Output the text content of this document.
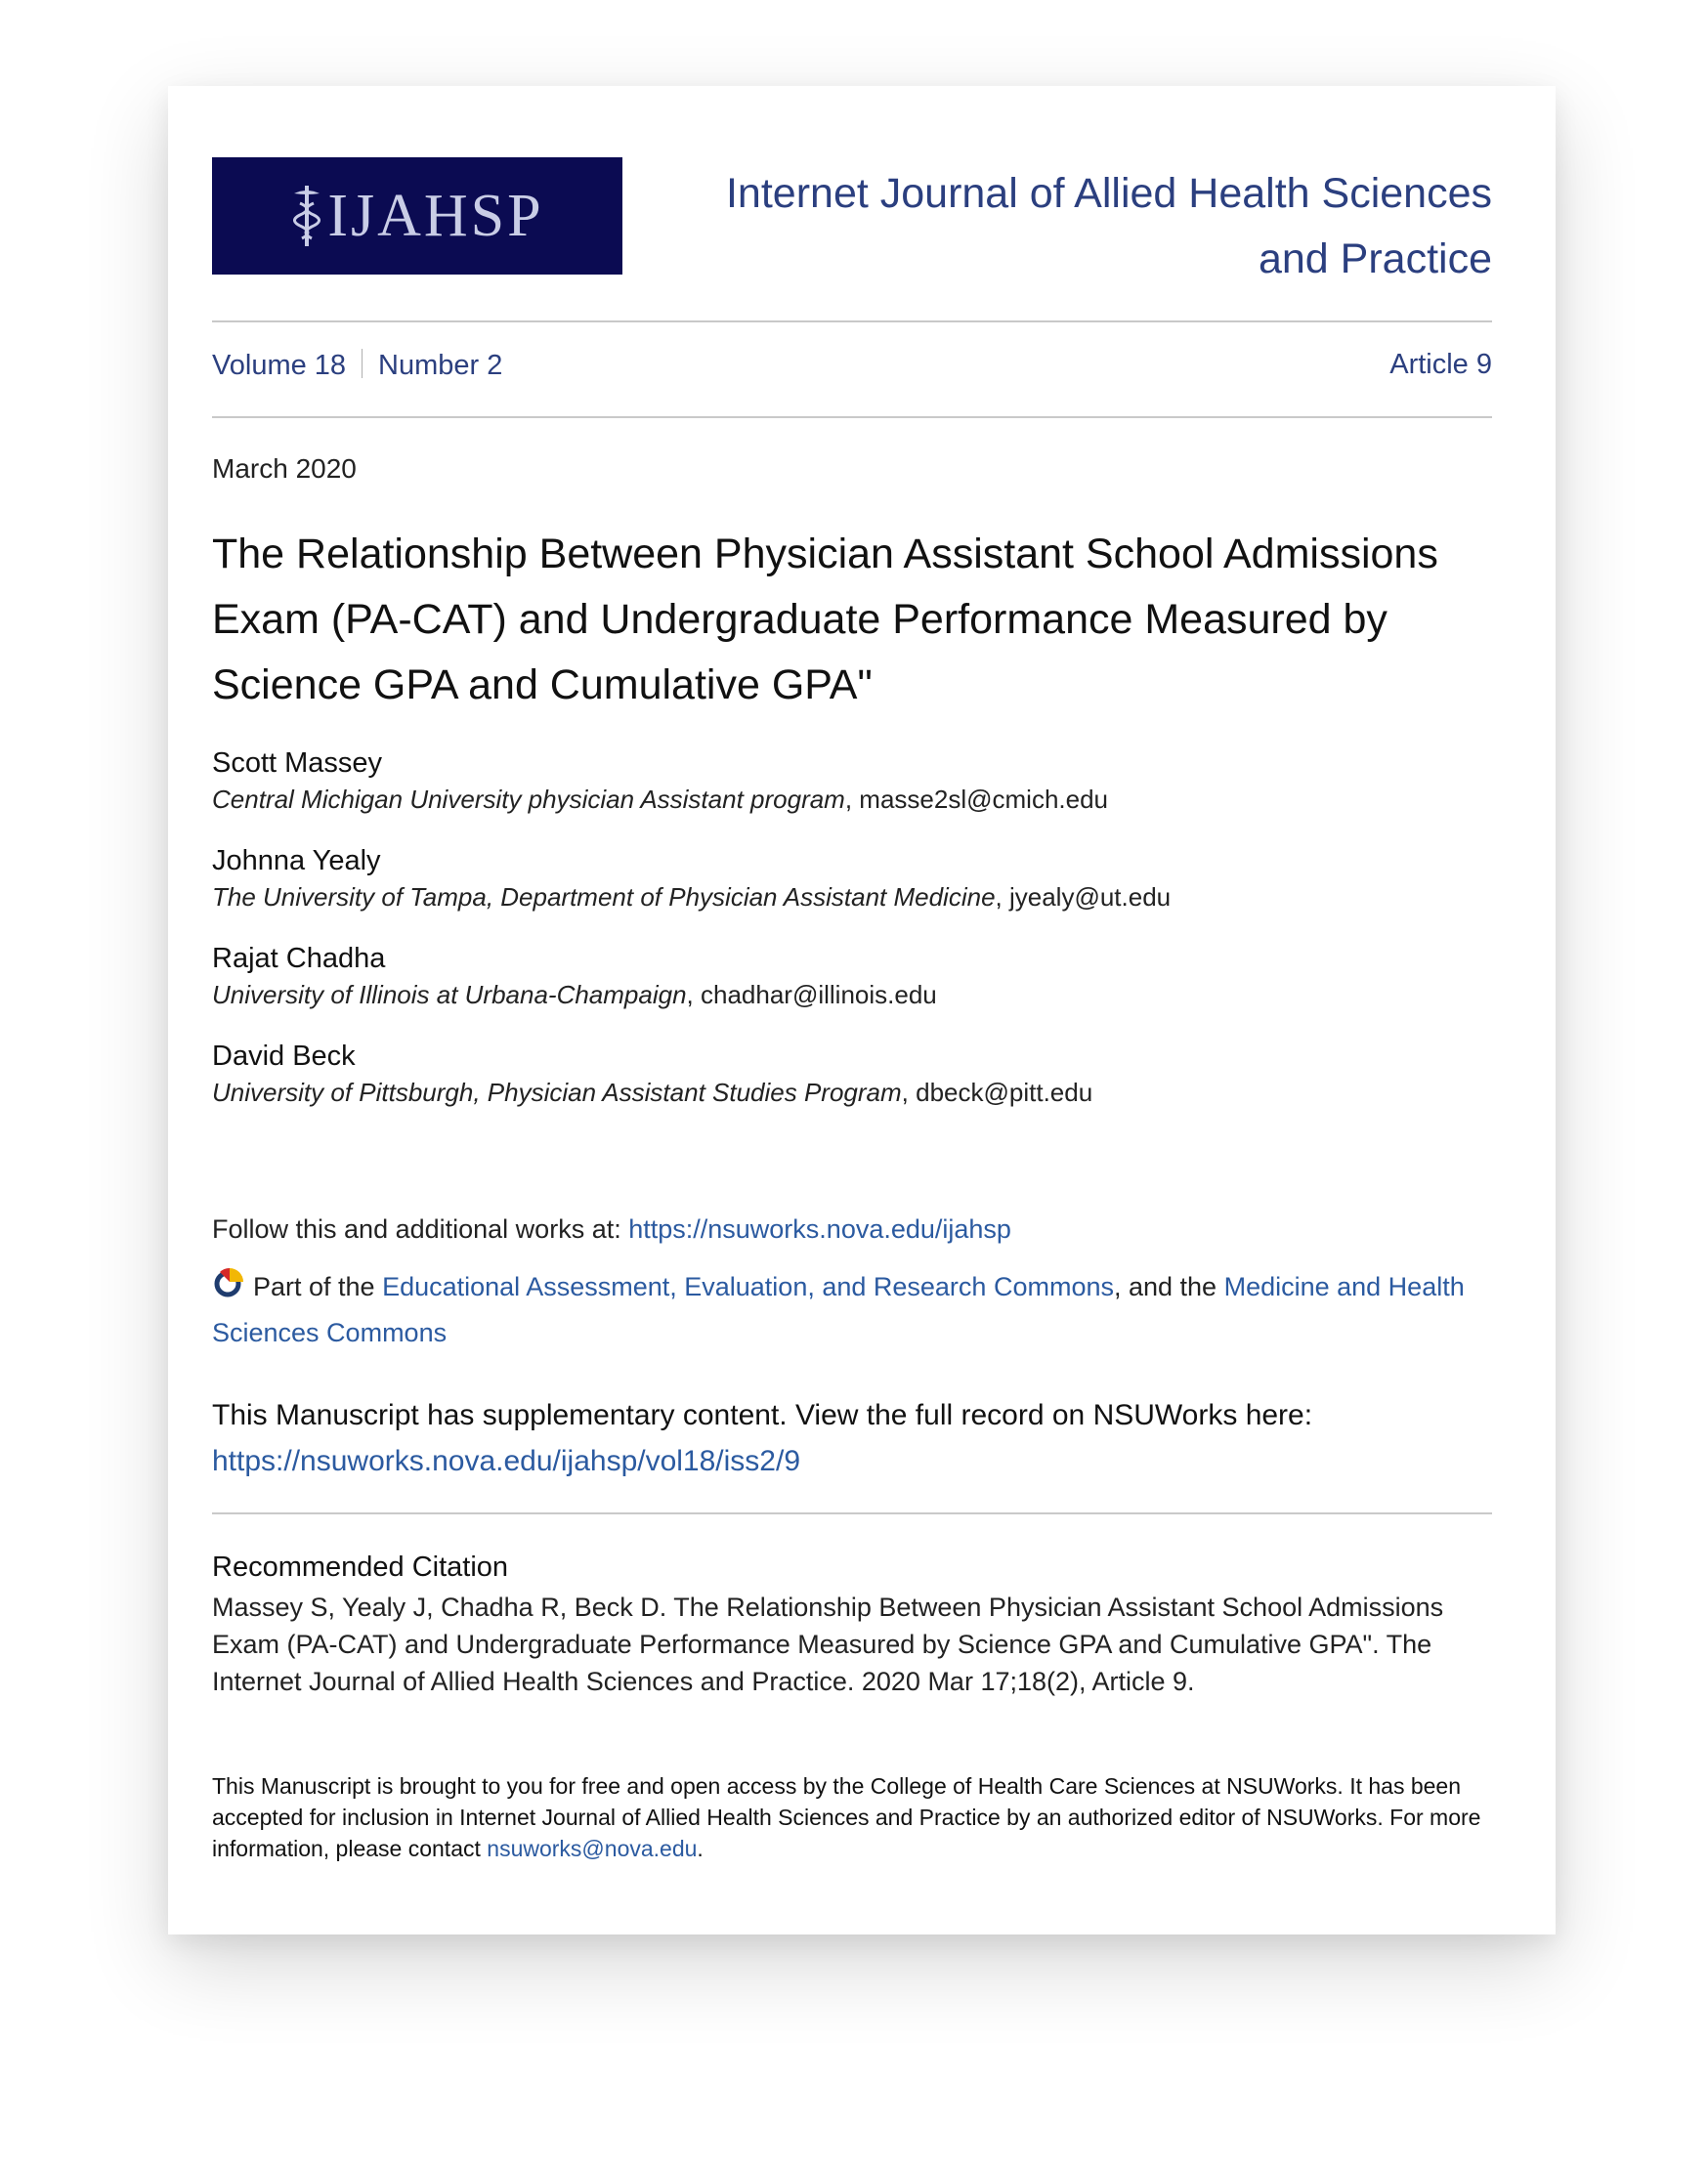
IJAHSP	Internet Journal of Allied Health Sciences
and Practice
Volume 18 Number 2	Article 9
March 2020
The Relationship Between Physician Assistant School Admissions Exam (PA-CAT) and Undergraduate Performance Measured by Science GPA and Cumulative GPA"
Scott Massey
Central Michigan University physician Assistant program, masse2sl@cmich.edu
Johnna Yealy
The University of Tampa, Department of Physician Assistant Medicine, jyealy@ut.edu
Rajat Chadha
University of Illinois at Urbana-Champaign, chadhar@illinois.edu
David Beck
University of Pittsburgh, Physician Assistant Studies Program, dbeck@pitt.edu
Follow this and additional works at: https://nsuworks.nova.edu/ijahsp
Part of the Educational Assessment, Evaluation, and Research Commons, and the Medicine and Health Sciences Commons
This Manuscript has supplementary content. View the full record on NSUWorks here:
https://nsuworks.nova.edu/ijahsp/vol18/iss2/9
Recommended Citation
Massey S, Yealy J, Chadha R, Beck D. The Relationship Between Physician Assistant School Admissions Exam (PA-CAT) and Undergraduate Performance Measured by Science GPA and Cumulative GPA". The Internet Journal of Allied Health Sciences and Practice. 2020 Mar 17;18(2), Article 9.
This Manuscript is brought to you for free and open access by the College of Health Care Sciences at NSUWorks. It has been accepted for inclusion in Internet Journal of Allied Health Sciences and Practice by an authorized editor of NSUWorks. For more information, please contact nsuworks@nova.edu.
